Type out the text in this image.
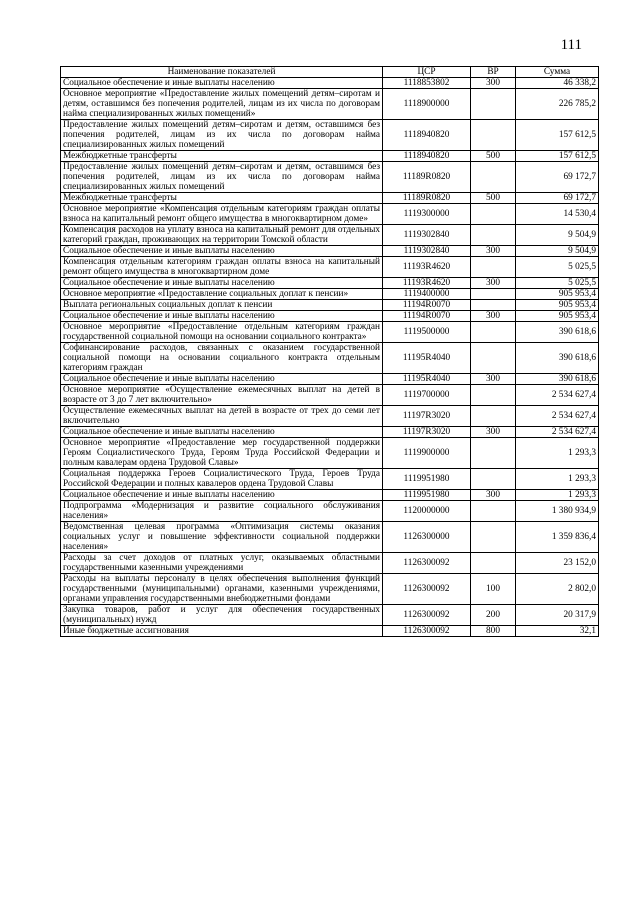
111
Наименование показателей	ЦСР	ВР	Сумма
Социальное обеспечение и иные выплаты населению	1118853802	300	46 338,2
Основное мероприятие «Предоставление жилых помещений детям–сиротам и детям, оставшимся без попечения родителей, лицам из их числа по договорам найма специализированных жилых помещений»	1118900000		226 785,2
Предоставление жилых помещений детям–сиротам и детям, оставшимся без попечения родителей, лицам из их числа по договорам найма специализированных жилых помещений	1118940820		157 612,5
Межбюджетные трансферты	1118940820	500	157 612,5
Предоставление жилых помещений детям–сиротам и детям, оставшимся без попечения родителей, лицам из их числа по договорам найма специализированных жилых помещений	11189R0820		69 172,7
Межбюджетные трансферты	11189R0820	500	69 172,7
Основное мероприятие «Компенсация отдельным категориям граждан оплаты взноса на капитальный ремонт общего имущества в многоквартирном доме»	1119300000		14 530,4
Компенсация расходов на уплату взноса на капитальный ремонт для отдельных категорий граждан, проживающих на территории Томской области	1119302840		9 504,9
Социальное обеспечение и иные выплаты населению	1119302840	300	9 504,9
Компенсация отдельным категориям граждан оплаты взноса на капитальный ремонт общего имущества в многоквартирном доме	11193R4620		5 025,5
Социальное обеспечение и иные выплаты населению	11193R4620	300	5 025,5
Основное мероприятие «Предоставление социальных доплат к пенсии»	1119400000		905 953,4
Выплата региональных социальных доплат к пенсии	11194R0070		905 953,4
Социальное обеспечение и иные выплаты населению	11194R0070	300	905 953,4
Основное мероприятие «Предоставление отдельным категориям граждан государственной социальной помощи на основании социального контракта»	1119500000		390 618,6
Софинансирование расходов, связанных с оказанием государственной социальной помощи на основании социального контракта отдельным категориям граждан	11195R4040		390 618,6
Социальное обеспечение и иные выплаты населению	11195R4040	300	390 618,6
Основное мероприятие «Осуществление ежемесячных выплат на детей в возрасте от 3 до 7 лет включительно»	1119700000		2 534 627,4
Осуществление ежемесячных выплат на детей в возрасте от трех до семи лет включительно	11197R3020		2 534 627,4
Социальное обеспечение и иные выплаты населению	11197R3020	300	2 534 627,4
Основное мероприятие «Предоставление мер государственной поддержки Героям Социалистического Труда, Героям Труда Российской Федерации и полным кавалерам ордена Трудовой Славы»	1119900000		1 293,3
Социальная поддержка Героев Социалистического Труда, Героев Труда Российской Федерации и полных кавалеров ордена Трудовой Славы	1119951980		1 293,3
Социальное обеспечение и иные выплаты населению	1119951980	300	1 293,3
Подпрограмма «Модернизация и развитие социального обслуживания населения»	1120000000		1 380 934,9
Ведомственная целевая программа «Оптимизация системы оказания социальных услуг и повышение эффективности социальной поддержки населения»	1126300000		1 359 836,4
Расходы за счет доходов от платных услуг, оказываемых областными государственными казенными учреждениями	1126300092		23 152,0
Расходы на выплаты персоналу в целях обеспечения выполнения функций государственными (муниципальными) органами, казенными учреждениями, органами управления государственными внебюджетными фондами	1126300092	100	2 802,0
Закупка товаров, работ и услуг для обеспечения государственных (муниципальных) нужд	1126300092	200	20 317,9
Иные бюджетные ассигнования	1126300092	800	32,1
